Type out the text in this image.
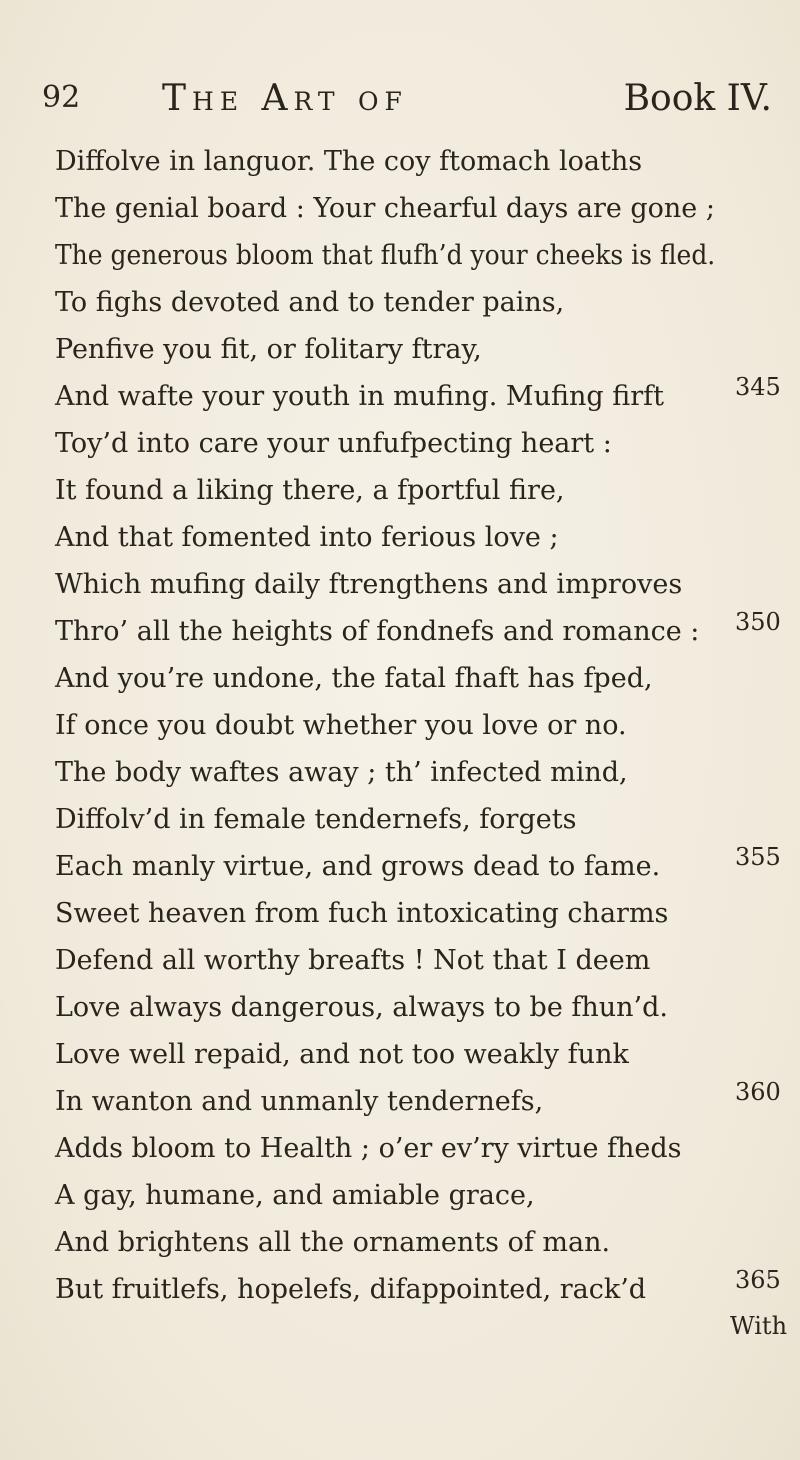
92 The Art of	Book IV.
Diffolve in languor. The coy ftomach loaths
The genial board : Your chearful days are gone ;
The generous bloom that flufh’d your cheeks is fled.
To fighs devoted and to tender pains,
Penfive you fit, or folitary ftray,
And wafte your youth in mufing. Mufing firft
Toy’d into care your unfufpecting heart :
It found a liking there, a fportful fire,
And that fomented into ferious love ;
Which mufing daily ftrengthens and improves
Thro’ all the heights of fondnefs and romance :
And you’re undone, the fatal fhaft has fped,
If once you doubt whether you love or no.
The body waftes away ; th’ infected mind,
Diffolv’d in female tendernefs, forgets
Each manly virtue, and grows dead to fame.
Sweet heaven from fuch intoxicating charms
Defend all worthy breafts ! Not that I deem
Love always dangerous, always to be fhun’d.
Love well repaid, and not too weakly funk
In wanton and unmanly tendernefs,
Adds bloom to Health ; o’er ev’ry virtue fheds
A gay, humane, and amiable grace,
And brightens all the ornaments of man.
But fruitlefs, hopelefs, difappointed, rack’d
345
350
355
360
365
With
